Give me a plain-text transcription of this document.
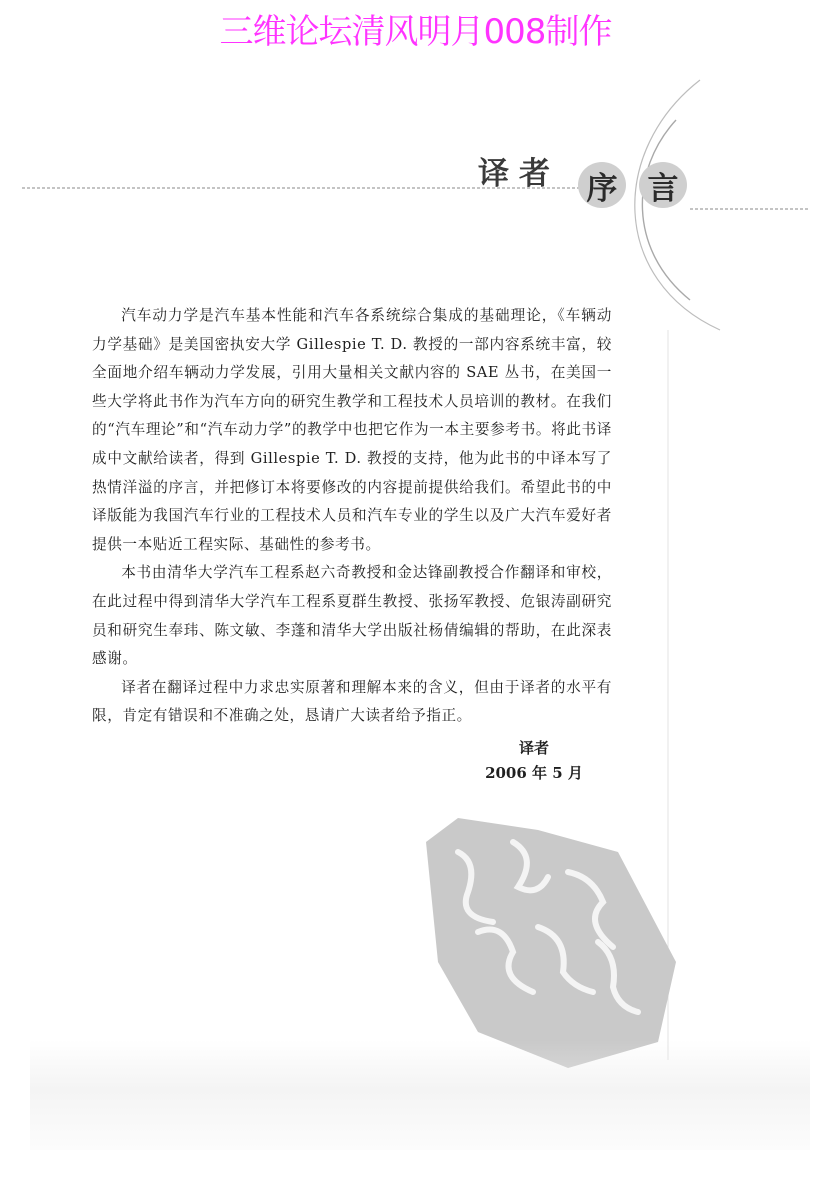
三维论坛清风明月008制作
译者 序 言

汽车动力学是汽车基本性能和汽车各系统综合集成的基础理论，《车辆动力学基础》是美国密执安大学 Gillespie T. D. 教授的一部内容系统丰富，较全面地介绍车辆动力学发展，引用大量相关文献内容的 SAE 丛书，在美国一些大学将此书作为汽车方向的研究生教学和工程技术人员培训的教材。在我们的“汽车理论”和“汽车动力学”的教学中也把它作为一本主要参考书。将此书译成中文献给读者，得到 Gillespie T. D. 教授的支持，他为此书的中译本写了热情洋溢的序言，并把修订本将要修改的内容提前提供给我们。希望此书的中译版能为我国汽车行业的工程技术人员和汽车专业的学生以及广大汽车爱好者提供一本贴近工程实际、基础性的参考书。

本书由清华大学汽车工程系赵六奇教授和金达锋副教授合作翻译和审校，在此过程中得到清华大学汽车工程系夏群生教授、张扬军教授、危银涛副研究员和研究生奉玮、陈文敏、李蓬和清华大学出版社杨倩编辑的帮助，在此深表感谢。

译者在翻译过程中力求忠实原著和理解本来的含义，但由于译者的水平有限，肯定有错误和不准确之处，恳请广大读者给予指正。

译者
2006 年 5 月
